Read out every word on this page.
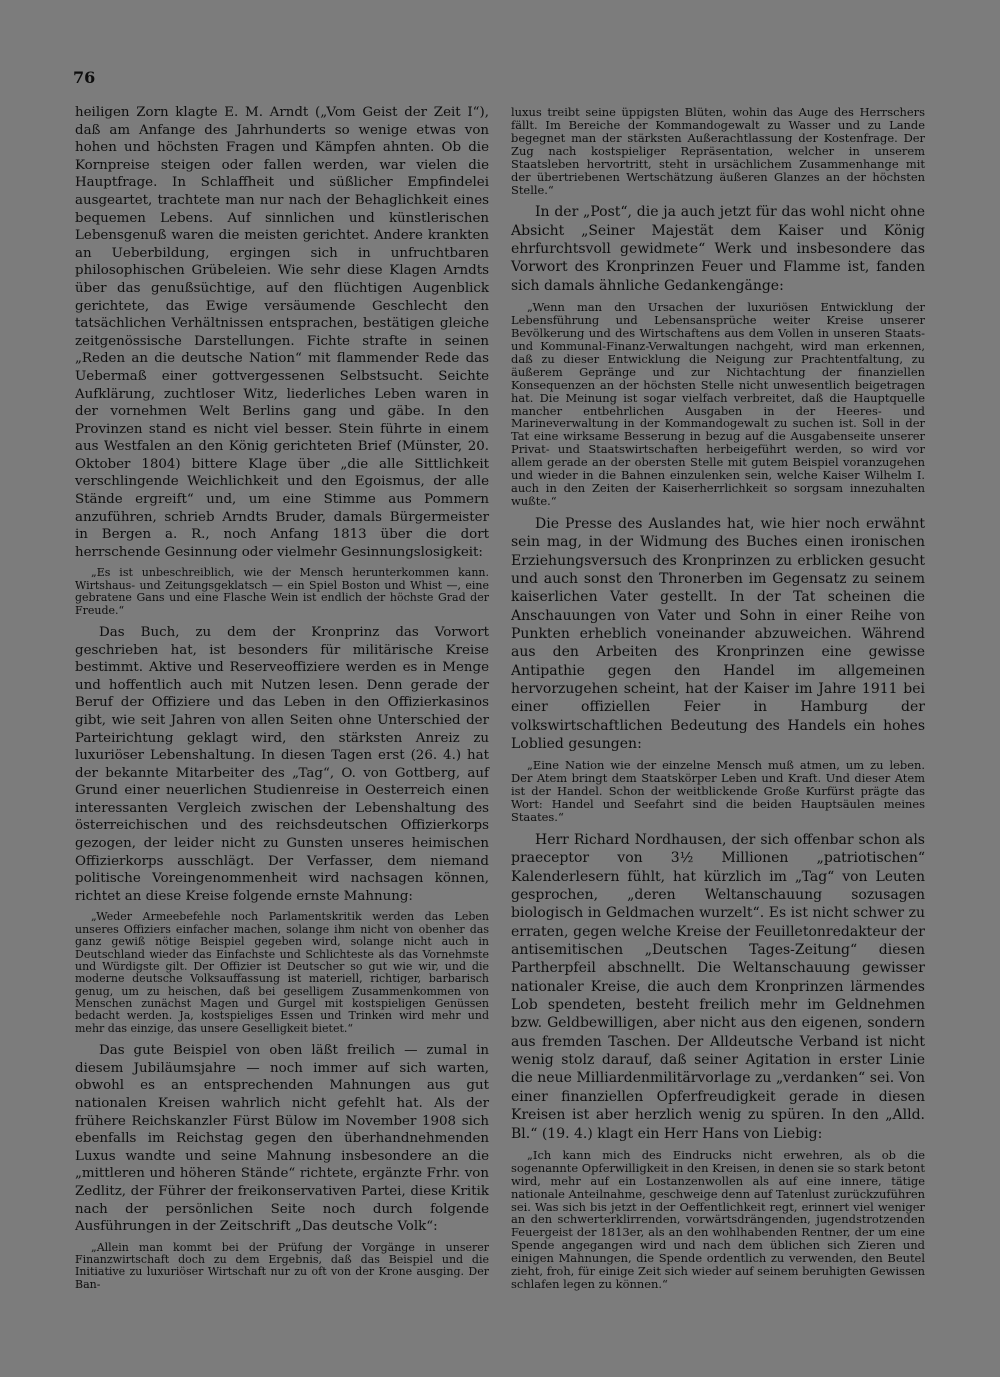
76

heiligen Zorn klagte E. M. Arndt („Vom Geist der Zeit I“), daß am Anfange des Jahrhunderts so wenige etwas von hohen und höchsten Fragen und Kämpfen ahnten. Ob die Kornpreise steigen oder fallen werden, war vielen die Hauptfrage. In Schlaffheit und süßlicher Empfindelei ausgeartet, trachtete man nur nach der Behaglichkeit eines bequemen Lebens. Auf sinnlichen und künstlerischen Lebensgenuß waren die meisten gerichtet. Andere krankten an Ueberbildung, ergingen sich in unfruchtbaren philosophischen Grübeleien. Wie sehr diese Klagen Arndts über das genußsüchtige, auf den flüchtigen Augenblick gerichtete, das Ewige versäumende Geschlecht den tatsächlichen Verhältnissen entsprachen, bestätigen gleiche zeitgenössische Darstellungen. Fichte strafte in seinen „Reden an die deutsche Nation“ mit flammender Rede das Uebermaß einer gottvergessenen Selbstsucht. Seichte Aufklärung, zuchtloser Witz, liederliches Leben waren in der vornehmen Welt Berlins gang und gäbe. In den Provinzen stand es nicht viel besser. Stein führte in einem aus Westfalen an den König gerichteten Brief (Münster, 20. Oktober 1804) bittere Klage über „die alle Sittlichkeit verschlingende Weichlichkeit und den Egoismus, der alle Stände ergreift“ und, um eine Stimme aus Pommern anzuführen, schrieb Arndts Bruder, damals Bürgermeister in Bergen a. R., noch Anfang 1813 über die dort herrschende Gesinnung oder vielmehr Gesinnungslosigkeit:

„Es ist unbeschreiblich, wie der Mensch herunterkommen kann. Wirtshaus- und Zeitungsgeklatsch — ein Spiel Boston und Whist —, eine gebratene Gans und eine Flasche Wein ist endlich der höchste Grad der Freude.“

Das Buch, zu dem der Kronprinz das Vorwort geschrieben hat, ist besonders für militärische Kreise bestimmt. Aktive und Reserveoffiziere werden es in Menge und hoffentlich auch mit Nutzen lesen. Denn gerade der Beruf der Offiziere und das Leben in den Offizierkasinos gibt, wie seit Jahren von allen Seiten ohne Unterschied der Parteirichtung geklagt wird, den stärksten Anreiz zu luxuriöser Lebenshaltung. In diesen Tagen erst (26. 4.) hat der bekannte Mitarbeiter des „Tag“, O. von Gottberg, auf Grund einer neuerlichen Studienreise in Oesterreich einen interessanten Vergleich zwischen der Lebenshaltung des österreichischen und des reichsdeutschen Offizierkorps gezogen, der leider nicht zu Gunsten unseres heimischen Offizierkorps ausschlägt. Der Verfasser, dem niemand politische Voreingenommenheit wird nachsagen können, richtet an diese Kreise folgende ernste Mahnung:

„Weder Armeebefehle noch Parlamentskritik werden das Leben unseres Offiziers einfacher machen, solange ihm nicht von obenher das ganz gewiß nötige Beispiel gegeben wird, solange nicht auch in Deutschland wieder das Einfachste und Schlichteste als das Vornehmste und Würdigste gilt. Der Offizier ist Deutscher so gut wie wir, und die moderne deutsche Volksauffassung ist materiell, richtiger, barbarisch genug, um zu heischen, daß bei geselligem Zusammenkommen von Menschen zunächst Magen und Gurgel mit kostspieligen Genüssen bedacht werden. Ja, kostspieliges Essen und Trinken wird mehr und mehr das einzige, das unsere Geselligkeit bietet.“

Das gute Beispiel von oben läßt freilich — zumal in diesem Jubiläumsjahre — noch immer auf sich warten, obwohl es an entsprechenden Mahnungen aus gut nationalen Kreisen wahrlich nicht gefehlt hat. Als der frühere Reichskanzler Fürst Bülow im November 1908 sich ebenfalls im Reichstag gegen den überhandnehmenden Luxus wandte und seine Mahnung insbesondere an die „mittleren und höheren Stände“ richtete, ergänzte Frhr. von Zedlitz, der Führer der freikonservativen Partei, diese Kritik nach der persönlichen Seite noch durch folgende Ausführungen in der Zeitschrift „Das deutsche Volk“:

„Allein man kommt bei der Prüfung der Vorgänge in unserer Finanzwirtschaft doch zu dem Ergebnis, daß das Beispiel und die Initiative zu luxuriöser Wirtschaft nur zu oft von der Krone ausging. Der Ban-

luxus treibt seine üppigsten Blüten, wohin das Auge des Herrschers fällt. Im Bereiche der Kommandogewalt zu Wasser und zu Lande begegnet man der stärksten Außerachtlassung der Kostenfrage. Der Zug nach kostspieliger Repräsentation, welcher in unserem Staatsleben hervortritt, steht in ursächlichem Zusammenhange mit der übertriebenen Wertschätzung äußeren Glanzes an der höchsten Stelle.“

In der „Post“, die ja auch jetzt für das wohl nicht ohne Absicht „Seiner Majestät dem Kaiser und König ehrfurchtsvoll gewidmete“ Werk und insbesondere das Vorwort des Kronprinzen Feuer und Flamme ist, fanden sich damals ähnliche Gedankengänge:

„Wenn man den Ursachen der luxuriösen Entwicklung der Lebensführung und Lebensansprüche weiter Kreise unserer Bevölkerung und des Wirtschaftens aus dem Vollen in unseren Staats- und Kommunal-Finanz-Verwaltungen nachgeht, wird man erkennen, daß zu dieser Entwicklung die Neigung zur Prachtentfaltung, zu äußerem Gepränge und zur Nichtachtung der finanziellen Konsequenzen an der höchsten Stelle nicht unwesentlich beigetragen hat. Die Meinung ist sogar vielfach verbreitet, daß die Hauptquelle mancher entbehrlichen Ausgaben in der Heeres- und Marineverwaltung in der Kommandogewalt zu suchen ist. Soll in der Tat eine wirksame Besserung in bezug auf die Ausgabenseite unserer Privat- und Staatswirtschaften herbeigeführt werden, so wird vor allem gerade an der obersten Stelle mit gutem Beispiel voranzugehen und wieder in die Bahnen einzulenken sein, welche Kaiser Wilhelm I. auch in den Zeiten der Kaiserherrlichkeit so sorgsam innezuhalten wußte.“

Die Presse des Auslandes hat, wie hier noch erwähnt sein mag, in der Widmung des Buches einen ironischen Erziehungsversuch des Kronprinzen zu erblicken gesucht und auch sonst den Thronerben im Gegensatz zu seinem kaiserlichen Vater gestellt. In der Tat scheinen die Anschauungen von Vater und Sohn in einer Reihe von Punkten erheblich voneinander abzuweichen. Während aus den Arbeiten des Kronprinzen eine gewisse Antipathie gegen den Handel im allgemeinen hervorzugehen scheint, hat der Kaiser im Jahre 1911 bei einer offiziellen Feier in Hamburg der volkswirtschaftlichen Bedeutung des Handels ein hohes Loblied gesungen:

„Eine Nation wie der einzelne Mensch muß atmen, um zu leben. Der Atem bringt dem Staatskörper Leben und Kraft. Und dieser Atem ist der Handel. Schon der weitblickende Große Kurfürst prägte das Wort: Handel und Seefahrt sind die beiden Hauptsäulen meines Staates.“

Herr Richard Nordhausen, der sich offenbar schon als praeceptor von 3½ Millionen „patriotischen“ Kalenderlesern fühlt, hat kürzlich im „Tag“ von Leuten gesprochen, „deren Weltanschauung sozusagen biologisch in Geldmachen wurzelt“. Es ist nicht schwer zu erraten, gegen welche Kreise der Feuilletonredakteur der antisemitischen „Deutschen Tages-Zeitung“ diesen Partherpfeil abschnellt. Die Weltanschauung gewisser nationaler Kreise, die auch dem Kronprinzen lärmendes Lob spendeten, besteht freilich mehr im Geldnehmen bzw. Geldbewilligen, aber nicht aus den eigenen, sondern aus fremden Taschen. Der Alldeutsche Verband ist nicht wenig stolz darauf, daß seiner Agitation in erster Linie die neue Milliardenmilitärvorlage zu „verdanken“ sei. Von einer finanziellen Opferfreudigkeit gerade in diesen Kreisen ist aber herzlich wenig zu spüren. In den „Alld. Bl.“ (19. 4.) klagt ein Herr Hans von Liebig:

„Ich kann mich des Eindrucks nicht erwehren, als ob die sogenannte Opferwilligkeit in den Kreisen, in denen sie so stark betont wird, mehr auf ein Lostanzenwollen als auf eine innere, tätige nationale Anteilnahme, geschweige denn auf Tatenlust zurückzuführen sei. Was sich bis jetzt in der Oeffentlichkeit regt, erinnert viel weniger an den schwerterklirrenden, vorwärtsdrängenden, jugendstrotzenden Feuergeist der 1813er, als an den wohlhabenden Rentner, der um eine Spende angegangen wird und nach dem üblichen sich Zieren und einigen Mahnungen, die Spende ordentlich zu verwenden, den Beutel zieht, froh, für einige Zeit sich wieder auf seinem beruhigten Gewissen schlafen legen zu können.“
